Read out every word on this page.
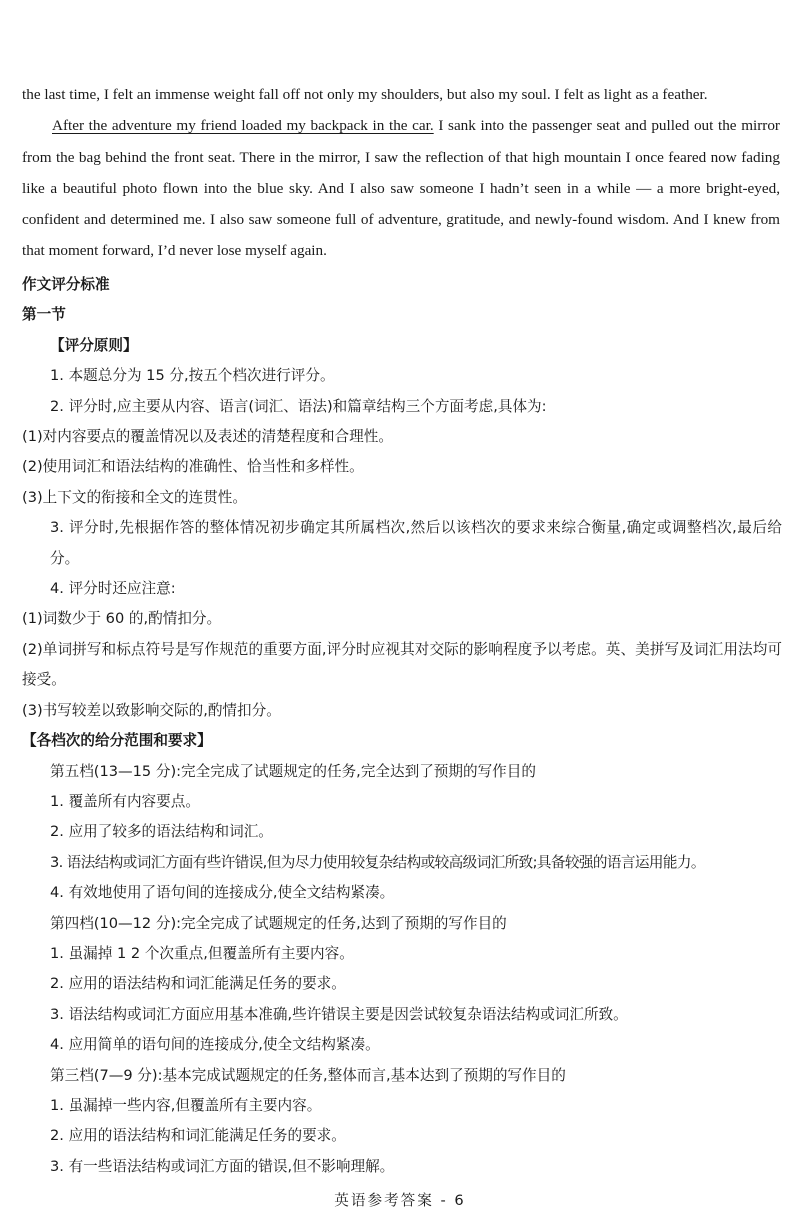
the last time, I felt an immense weight fall off not only my shoulders, but also my soul. I felt as light as a feather.

After the adventure my friend loaded my backpack in the car. I sank into the passenger seat and pulled out the mirror from the bag behind the front seat. There in the mirror, I saw the reflection of that high mountain I once feared now fading like a beautiful photo flown into the blue sky. And I also saw someone I hadn’t seen in a while — a more bright-eyed, confident and determined me. I also saw someone full of adventure, gratitude, and newly-found wisdom. And I knew from that moment forward, I’d never lose myself again.

作文评分标准

第一节

【评分原则】

1. 本题总分为 15 分,按五个档次进行评分。

2. 评分时,应主要从内容、语言(词汇、语法)和篇章结构三个方面考虑,具体为:

(1)对内容要点的覆盖情况以及表述的清楚程度和合理性。

(2)使用词汇和语法结构的准确性、恰当性和多样性。

(3)上下文的衔接和全文的连贯性。

3. 评分时,先根据作答的整体情况初步确定其所属档次,然后以该档次的要求来综合衡量,确定或调整档次,最后给分。

4. 评分时还应注意:

(1)词数少于 60 的,酌情扣分。

(2)单词拼写和标点符号是写作规范的重要方面,评分时应视其对交际的影响程度予以考虑。英、美拼写及词汇用法均可接受。

(3)书写较差以致影响交际的,酌情扣分。

【各档次的给分范围和要求】

第五档(13—15 分):完全完成了试题规定的任务,完全达到了预期的写作目的

1. 覆盖所有内容要点。

2. 应用了较多的语法结构和词汇。

3. 语法结构或词汇方面有些许错误,但为尽力使用较复杂结构或较高级词汇所致;具备较强的语言运用能力。

4. 有效地使用了语句间的连接成分,使全文结构紧凑。

第四档(10—12 分):完全完成了试题规定的任务,达到了预期的写作目的

1. 虽漏掉 1 2 个次重点,但覆盖所有主要内容。

2. 应用的语法结构和词汇能满足任务的要求。

3. 语法结构或词汇方面应用基本准确,些许错误主要是因尝试较复杂语法结构或词汇所致。

4. 应用简单的语句间的连接成分,使全文结构紧凑。

第三档(7—9 分):基本完成试题规定的任务,整体而言,基本达到了预期的写作目的

1. 虽漏掉一些内容,但覆盖所有主要内容。

2. 应用的语法结构和词汇能满足任务的要求。

3. 有一些语法结构或词汇方面的错误,但不影响理解。

英语参考答案 - 6
